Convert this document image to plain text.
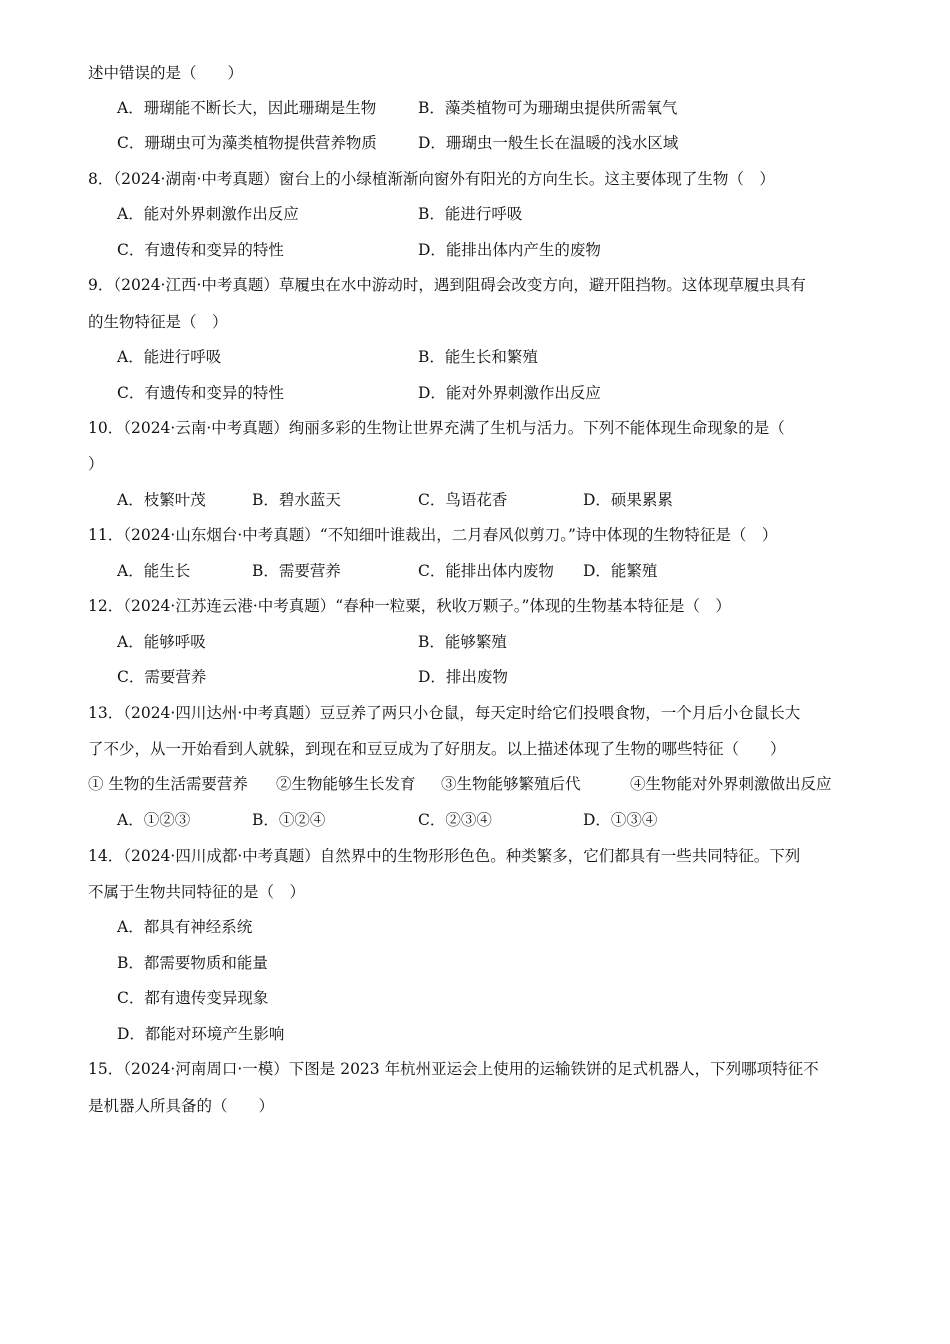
述中错误的是（　　）
A．珊瑚能不断长大，因此珊瑚是生物	B．藻类植物可为珊瑚虫提供所需氧气
C．珊瑚虫可为藻类植物提供营养物质	D．珊瑚虫一般生长在温暖的浅水区域
8．（2024·湖南·中考真题）窗台上的小绿植渐渐向窗外有阳光的方向生长。这主要体现了生物（　）
A．能对外界刺激作出反应	B．能进行呼吸
C．有遗传和变异的特性	D．能排出体内产生的废物
9．（2024·江西·中考真题）草履虫在水中游动时，遇到阻碍会改变方向，避开阻挡物。这体现草履虫具有
的生物特征是（　）
A．能进行呼吸	B．能生长和繁殖
C．有遗传和变异的特性	D．能对外界刺激作出反应
10．（2024·云南·中考真题）绚丽多彩的生物让世界充满了生机与活力。下列不能体现生命现象的是（
）
A．枝繁叶茂	B．碧水蓝天	C．鸟语花香	D．硕果累累
11．（2024·山东烟台·中考真题）“不知细叶谁裁出，二月春风似剪刀。”诗中体现的生物特征是（　）
A．能生长	B．需要营养	C．能排出体内废物 D．能繁殖
12．（2024·江苏连云港·中考真题）“春种一粒粟，秋收万颗子。”体现的生物基本特征是（　）
A．能够呼吸	B．能够繁殖
C．需要营养	D．排出废物
13．（2024·四川达州·中考真题）豆豆养了两只小仓鼠，每天定时给它们投喂食物，一个月后小仓鼠长大
了不少，从一开始看到人就躲，到现在和豆豆成为了好朋友。以上描述体现了生物的哪些特征（　　）
① 生物的生活需要营养 ②生物能够生长发育 ③生物能够繁殖后代	④生物能对外界刺激做出反应
A．①②③	B．①②④	C．②③④	D．①③④
14．（2024·四川成都·中考真题）自然界中的生物形形色色。种类繁多，它们都具有一些共同特征。下列
不属于生物共同特征的是（　）
A．都具有神经系统
B．都需要物质和能量
C．都有遗传变异现象
D．都能对环境产生影响
15．（2024·河南周口·一模）下图是 2023 年杭州亚运会上使用的运输铁饼的足式机器人，下列哪项特征不
是机器人所具备的（　　）
